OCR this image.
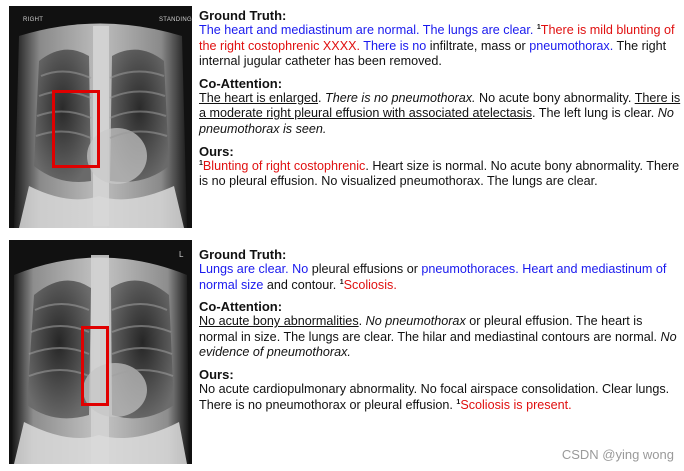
RIGHT	STANDING
L

Ground Truth:

The heart and mediastinum are normal. The lungs are clear. $^1$There is mild blunting of the right costophrenic XXXX. There is no infiltrate, mass or pneumothorax. The right internal jugular catheter has been removed.

Co-Attention:

The heart is enlarged. There is no pneumothorax. No acute bony abnormality. There is a moderate right pleural effusion with associated atelectasis. The left lung is clear. No pneumothorax is seen.

Ours:

$^1$Blunting of right costophrenic. Heart size is normal. No acute bony abnormality. There is no pleural effusion. No visualized pneumothorax. The lungs are clear.

Ground Truth:

Lungs are clear. No pleural effusions or pneumothoraces. Heart and mediastinum of normal size and contour. $^1$Scoliosis.

Co-Attention:

No acute bony abnormalities. No pneumothorax or pleural effusion. The heart is normal in size. The lungs are clear. The hilar and mediastinal contours are normal. No evidence of pneumothorax.

Ours:

No acute cardiopulmonary abnormality. No focal airspace consolidation. Clear lungs. There is no pneumothorax or pleural effusion. $^1$Scoliosis is present.

CSDN @ying wong
